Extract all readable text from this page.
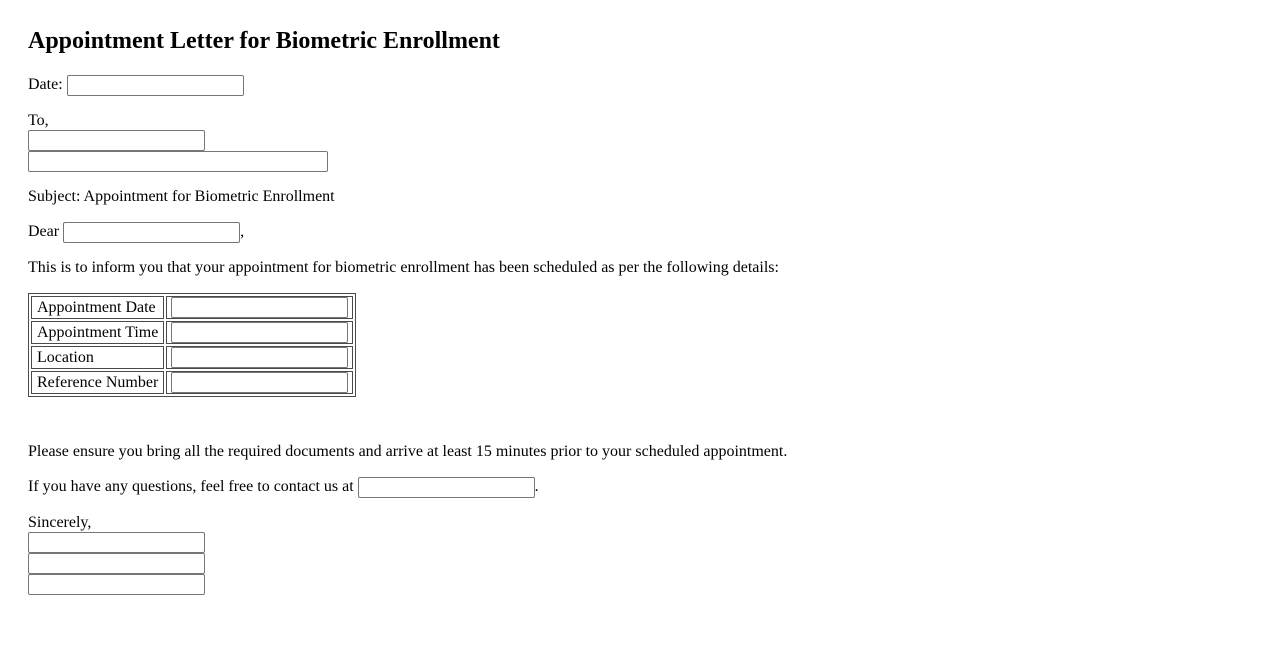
Appointment Letter for Biometric Enrollment
Date:
To,
Subject: Appointment for Biometric Enrollment
Dear	,
This is to inform you that your appointment for biometric enrollment has been scheduled as per the following details:
Appointment Date	
Appointment Time	
Location	
Reference Number	
Please ensure you bring all the required documents and arrive at least 15 minutes prior to your scheduled appointment.
If you have any questions, feel free to contact us at	.
Sincerely,
